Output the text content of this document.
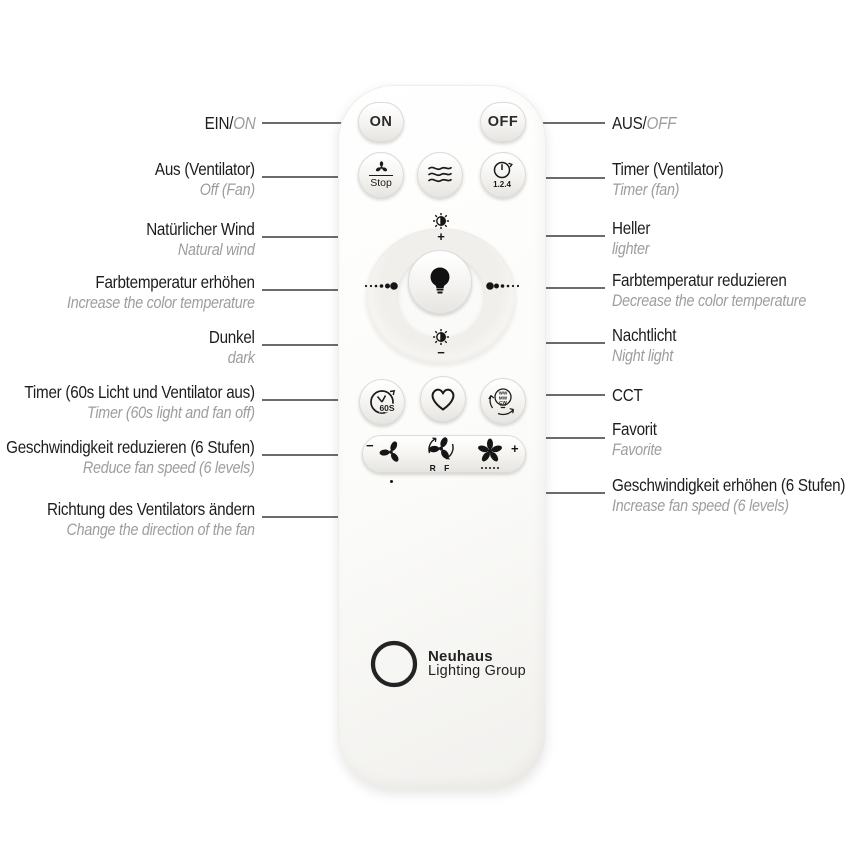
ON	OFF
Stop	1.2.4
+
−
60S
WW
MW
CW
−

R F
+
Neuhaus
Lighting Group
EIN/ON
Aus (Ventilator)
Off (Fan)
Natürlicher Wind
Natural wind
Farbtemperatur erhöhen
Increase the color temperature
Dunkel
dark
Timer (60s Licht und Ventilator aus)
Timer (60s light and fan off)
Geschwindigkeit reduzieren (6 Stufen)
Reduce fan speed (6 levels)
Richtung des Ventilators ändern
Change the direction of the fan
AUS/OFF
Timer (Ventilator)
Timer (fan)
Heller
lighter
Farbtemperatur reduzieren
Decrease the color temperature
Nachtlicht
Night light
CCT
Favorit
Favorite
Geschwindigkeit erhöhen (6 Stufen)
Increase fan speed (6 levels)
